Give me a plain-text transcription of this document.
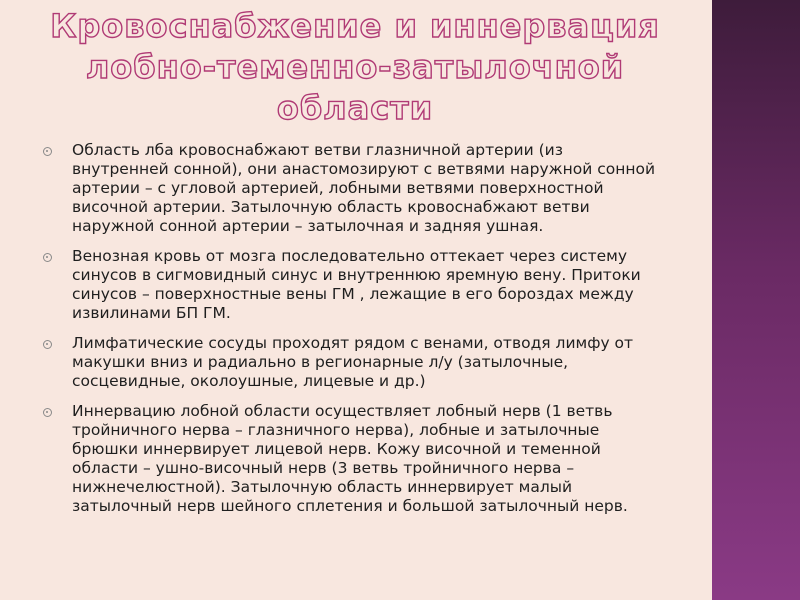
Кровоснабжение и иннервация
лобно-теменно-затылочной
области
Область лба кровоснабжают ветви глазничной артерии (из внутренней сонной), они анастомозируют с ветвями наружной сонной артерии – с угловой артерией, лобными ветвями поверхностной височной артерии. Затылочную область кровоснабжают ветви наружной сонной артерии – затылочная и задняя ушная.
Венозная кровь от мозга последовательно оттекает через систему синусов в сигмовидный синус и внутреннюю яремную вену. Притоки синусов – поверхностные вены ГМ , лежащие в его бороздах между извилинами БП ГМ.
Лимфатические сосуды проходят рядом с венами, отводя лимфу от макушки вниз и радиально в регионарные л/у (затылочные, сосцевидные, околоушные, лицевые и др.)
Иннервацию лобной области осуществляет лобный нерв (1 ветвь тройничного нерва – глазничного нерва), лобные и затылочные брюшки иннервирует лицевой нерв. Кожу височной и теменной области – ушно-височный нерв (3 ветвь тройничного нерва – нижнечелюстной). Затылочную область иннервирует малый затылочный нерв шейного сплетения и большой затылочный нерв.
